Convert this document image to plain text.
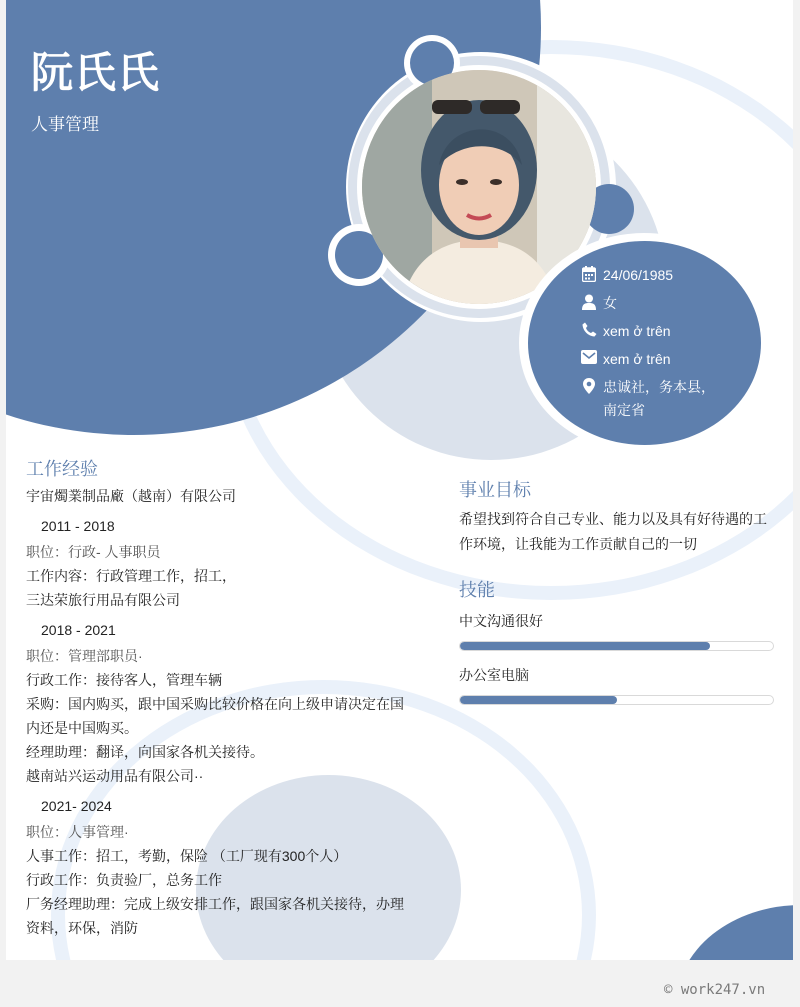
24/06/1985
女
xem ở trên
xem ở trên
忠诚社，务本县，南定省
阮氏氏

人事管理

工作经验

宇宙燭業制品廠（越南）有限公司

2011 - 2018

职位：行政- 人事职员

工作内容：行政管理工作，招工，

三达荣旅行用品有限公司

2018 - 2021

职位：管理部职员·

行政工作：接待客人，管理车辆

采购：国内购买，跟中国采购比较价格在向上级申请决定在国内还是中国购买。

经理助理：翻译，向国家各机关接待。

越南站兴运动用品有限公司··

2021- 2024

职位：人事管理·

人事工作：招工，考勤，保险 （工厂现有300个人）

行政工作：负责验厂，总务工作

厂务经理助理：完成上级安排工作，跟国家各机关接待，办理资料，环保，消防

事业目标

希望找到符合自己专业、能力以及具有好待遇的工作环境，让我能为工作贡献自己的一切

技能

中文沟通很好

办公室电脑

© work247.vn
